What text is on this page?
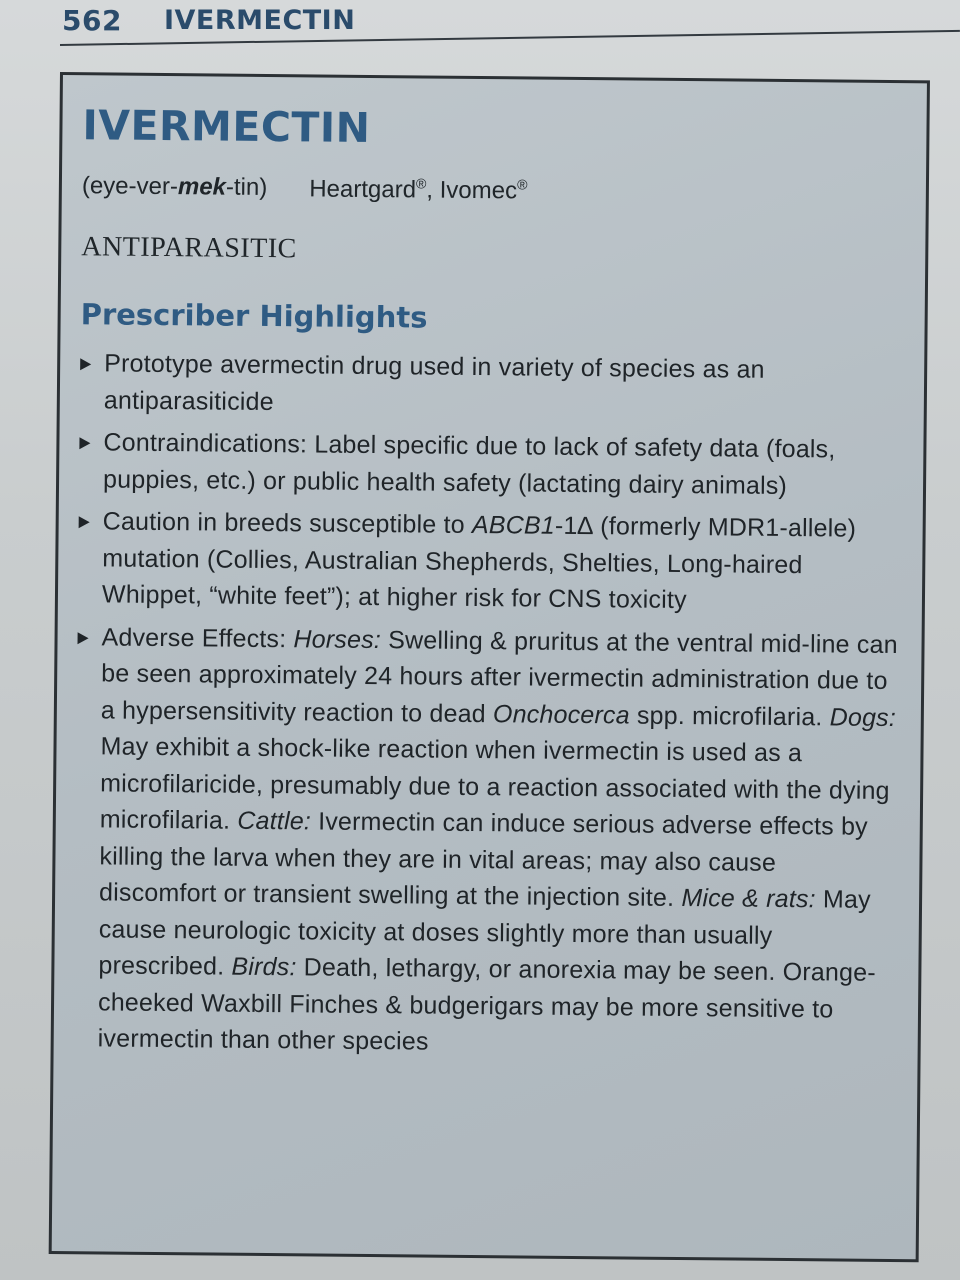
562 IVERMECTIN
IVERMECTIN
(eye-ver-mek-tin) Heartgard®, Ivomec®
ANTIPARASITIC
Prescriber Highlights
Prototype avermectin drug used in variety of species as an antiparasiticide
Contraindications: Label specific due to lack of safety data (foals, puppies, etc.) or public health safety (lactating dairy animals)
Caution in breeds susceptible to ABCB1-1∆ (formerly MDR1-allele) mutation (Collies, Australian Shepherds, Shelties, Long-haired Whippet, “white feet”); at higher risk for CNS toxicity
Adverse Effects: Horses: Swelling & pruritus at the ventral mid-line can be seen approximately 24 hours after ivermectin administration due to a hypersensitivity reaction to dead Onchocerca spp. microfilaria. Dogs: May exhibit a shock-like reaction when ivermectin is used as a microfilaricide, presumably due to a reaction associated with the dying microfilaria. Cattle: Ivermectin can induce serious adverse effects by killing the larva when they are in vital areas; may also cause discomfort or transient swelling at the injection site. Mice & rats: May cause neurologic toxicity at doses slightly more than usually prescribed. Birds: Death, lethargy, or anorexia may be seen. Orange-cheeked Waxbill Finches & budgerigars may be more sensitive to ivermectin than other species
